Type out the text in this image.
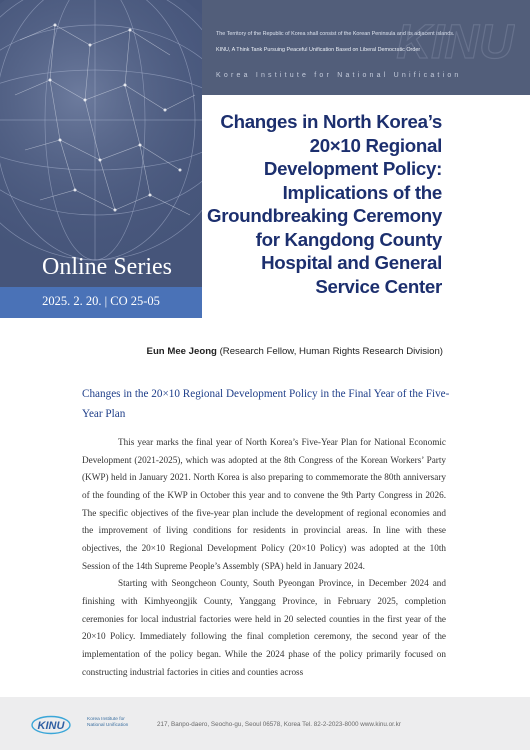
Online Series
2025. 2. 20. | CO 25-05
The Territory of the Republic of Korea shall consist of the Korean Peninsula and its adjacent islands.
KINU, A Think Tank Pursuing Peaceful Unification Based on Liberal Democratic Order
Korea Institute for National Unification
KINU
Changes in North Korea’s 20×10 Regional Development Policy: Implications of the Groundbreaking Ceremony for Kangdong County Hospital and General Service Center
Eun Mee Jeong (Research Fellow, Human Rights Research Division)
Changes in the 20×10 Regional Development Policy in the Final Year of the Five-Year Plan

This year marks the final year of North Korea’s Five-Year Plan for National Economic Development (2021-2025), which was adopted at the 8th Congress of the Korean Workers’ Party (KWP) held in January 2021. North Korea is also preparing to commemorate the 80th anniversary of the founding of the KWP in October this year and to convene the 9th Party Congress in 2026. The specific objectives of the five-year plan include the development of regional economies and the improvement of living conditions for residents in provincial areas. In line with these objectives, the 20×10 Regional Development Policy (20×10 Policy) was adopted at the 10th Session of the 14th Supreme People’s Assembly (SPA) held in January 2024.

Starting with Seongcheon County, South Pyeongan Province, in December 2024 and finishing with Kimhyeongjik County, Yanggang Province, in February 2025, completion ceremonies for local industrial factories were held in 20 selected counties in the first year of the 20×10 Policy. Immediately following the final completion ceremony, the second year of the implementation of the policy began. While the 2024 phase of the policy primarily focused on constructing industrial factories in cities and counties across

KINU
Korea Institute for
National Unification	217, Banpo-daero, Seocho-gu, Seoul 06578, Korea Tel. 82-2-2023-8000 www.kinu.or.kr
